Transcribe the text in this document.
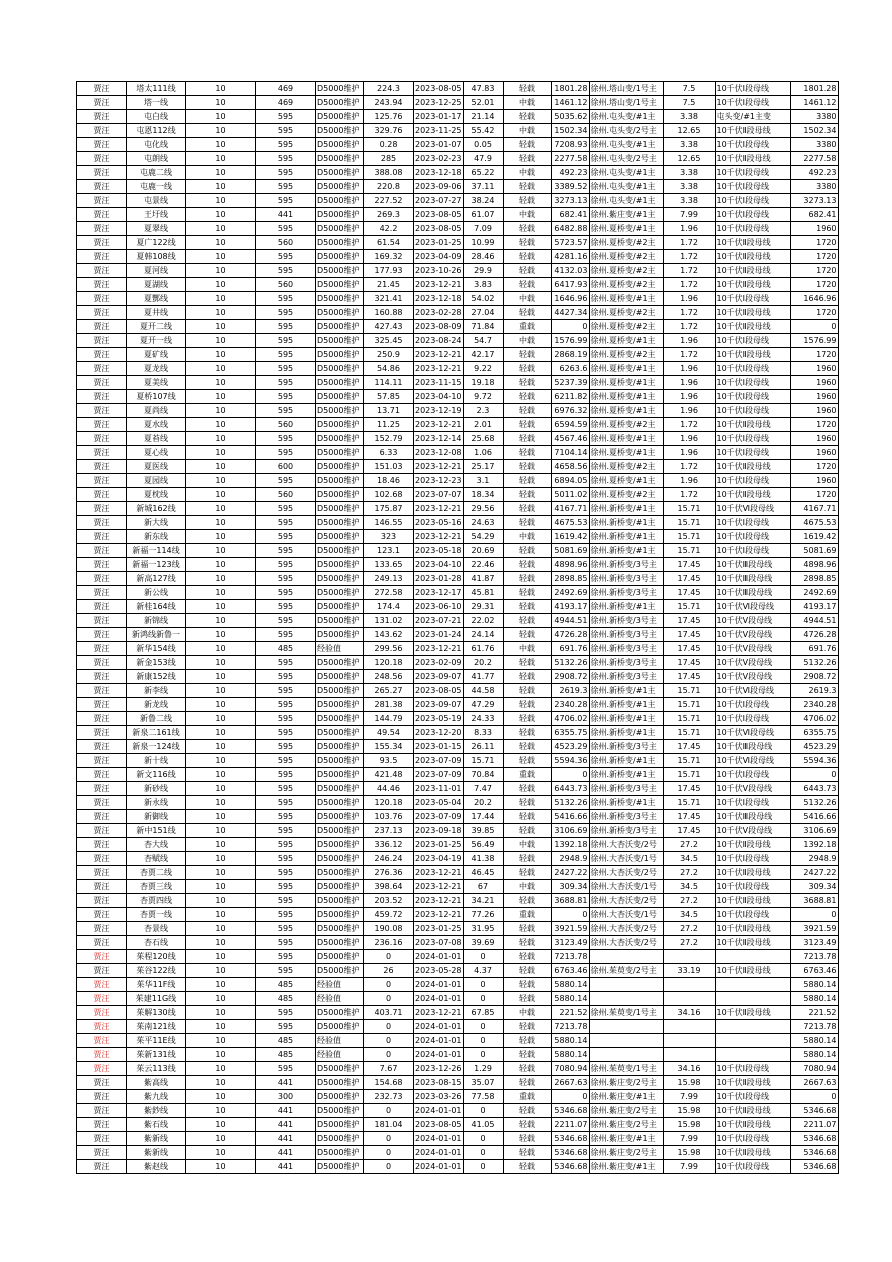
贾汪	塔太111线	10	469	D5000维护	224.3	2023-08-05	47.83	轻载	1801.28	徐州.塔山变/1号主	7.5	10千伏Ⅰ段母线	1801.28
贾汪	塔一线	10	469	D5000维护	243.94	2023-12-25	52.01	中载	1461.12	徐州.塔山变/1号主	7.5	10千伏Ⅰ段母线	1461.12
贾汪	屯白线	10	595	D5000维护	125.76	2023-01-17	21.14	轻载	5035.62	徐州.屯头变/#1主	3.38	屯头变/#1主变	3380
贾汪	屯恩112线	10	595	D5000维护	329.76	2023-11-25	55.42	中载	1502.34	徐州.屯头变/2号主	12.65	10千伏Ⅱ段母线	1502.34
贾汪	屯化线	10	595	D5000维护	0.28	2023-01-07	0.05	轻载	7208.93	徐州.屯头变/#1主	3.38	10千伏Ⅰ段母线	3380
贾汪	屯朗线	10	595	D5000维护	285	2023-02-23	47.9	轻载	2277.58	徐州.屯头变/2号主	12.65	10千伏Ⅱ段母线	2277.58
贾汪	屯鹿二线	10	595	D5000维护	388.08	2023-12-18	65.22	中载	492.23	徐州.屯头变/#1主	3.38	10千伏Ⅰ段母线	492.23
贾汪	屯鹿一线	10	595	D5000维护	220.8	2023-09-06	37.11	轻载	3389.52	徐州.屯头变/#1主	3.38	10千伏Ⅰ段母线	3380
贾汪	屯景线	10	595	D5000维护	227.52	2023-07-27	38.24	轻载	3273.13	徐州.屯头变/#1主	3.38	10千伏Ⅰ段母线	3273.13
贾汪	王圩线	10	441	D5000维护	269.3	2023-08-05	61.07	中载	682.41	徐州.紫庄变/#1主	7.99	10千伏Ⅰ段母线	682.41
贾汪	夏翠线	10	595	D5000维护	42.2	2023-08-05	7.09	轻载	6482.88	徐州.夏桥变/#1主	1.96	10千伏Ⅰ段母线	1960
贾汪	夏广122线	10	560	D5000维护	61.54	2023-01-25	10.99	轻载	5723.57	徐州.夏桥变/#2主	1.72	10千伏Ⅱ段母线	1720
贾汪	夏韩108线	10	595	D5000维护	169.32	2023-04-09	28.46	轻载	4281.16	徐州.夏桥变/#2主	1.72	10千伏Ⅱ段母线	1720
贾汪	夏河线	10	595	D5000维护	177.93	2023-10-26	29.9	轻载	4132.03	徐州.夏桥变/#2主	1.72	10千伏Ⅱ段母线	1720
贾汪	夏湖线	10	560	D5000维护	21.45	2023-12-21	3.83	轻载	6417.93	徐州.夏桥变/#2主	1.72	10千伏Ⅱ段母线	1720
贾汪	夏酆线	10	595	D5000维护	321.41	2023-12-18	54.02	中载	1646.96	徐州.夏桥变/#1主	1.96	10千伏Ⅰ段母线	1646.96
贾汪	夏井线	10	595	D5000维护	160.88	2023-02-28	27.04	轻载	4427.34	徐州.夏桥变/#2主	1.72	10千伏Ⅱ段母线	1720
贾汪	夏开二线	10	595	D5000维护	427.43	2023-08-09	71.84	重载	0	徐州.夏桥变/#2主	1.72	10千伏Ⅱ段母线	0
贾汪	夏开一线	10	595	D5000维护	325.45	2023-08-24	54.7	中载	1576.99	徐州.夏桥变/#1主	1.96	10千伏Ⅰ段母线	1576.99
贾汪	夏矿线	10	595	D5000维护	250.9	2023-12-21	42.17	轻载	2868.19	徐州.夏桥变/#2主	1.72	10千伏Ⅱ段母线	1720
贾汪	夏龙线	10	595	D5000维护	54.86	2023-12-21	9.22	轻载	6263.6	徐州.夏桥变/#1主	1.96	10千伏Ⅰ段母线	1960
贾汪	夏美线	10	595	D5000维护	114.11	2023-11-15	19.18	轻载	5237.39	徐州.夏桥变/#1主	1.96	10千伏Ⅰ段母线	1960
贾汪	夏桥107线	10	595	D5000维护	57.85	2023-04-10	9.72	轻载	6211.82	徐州.夏桥变/#1主	1.96	10千伏Ⅰ段母线	1960
贾汪	夏尚线	10	595	D5000维护	13.71	2023-12-19	2.3	轻载	6976.32	徐州.夏桥变/#1主	1.96	10千伏Ⅰ段母线	1960
贾汪	夏水线	10	560	D5000维护	11.25	2023-12-21	2.01	轻载	6594.59	徐州.夏桥变/#2主	1.72	10千伏Ⅱ段母线	1720
贾汪	夏苔线	10	595	D5000维护	152.79	2023-12-14	25.68	轻载	4567.46	徐州.夏桥变/#1主	1.96	10千伏Ⅰ段母线	1960
贾汪	夏心线	10	595	D5000维护	6.33	2023-12-08	1.06	轻载	7104.14	徐州.夏桥变/#1主	1.96	10千伏Ⅰ段母线	1960
贾汪	夏医线	10	600	D5000维护	151.03	2023-12-21	25.17	轻载	4658.56	徐州.夏桥变/#2主	1.72	10千伏Ⅱ段母线	1720
贾汪	夏园线	10	595	D5000维护	18.46	2023-12-23	3.1	轻载	6894.05	徐州.夏桥变/#1主	1.96	10千伏Ⅰ段母线	1960
贾汪	夏枕线	10	560	D5000维护	102.68	2023-07-07	18.34	轻载	5011.02	徐州.夏桥变/#2主	1.72	10千伏Ⅱ段母线	1720
贾汪	新城162线	10	595	D5000维护	175.87	2023-12-21	29.56	轻载	4167.71	徐州.新桥变/#1主	15.71	10千伏Ⅵ段母线	4167.71
贾汪	新大线	10	595	D5000维护	146.55	2023-05-16	24.63	轻载	4675.53	徐州.新桥变/#1主	15.71	10千伏Ⅰ段母线	4675.53
贾汪	新东线	10	595	D5000维护	323	2023-12-21	54.29	中载	1619.42	徐州.新桥变/#1主	15.71	10千伏Ⅰ段母线	1619.42
贾汪	新福一114线	10	595	D5000维护	123.1	2023-05-18	20.69	轻载	5081.69	徐州.新桥变/#1主	15.71	10千伏Ⅰ段母线	5081.69
贾汪	新福一123线	10	595	D5000维护	133.65	2023-04-10	22.46	轻载	4898.96	徐州.新桥变/3号主	17.45	10千伏Ⅲ段母线	4898.96
贾汪	新高127线	10	595	D5000维护	249.13	2023-01-28	41.87	轻载	2898.85	徐州.新桥变/3号主	17.45	10千伏Ⅲ段母线	2898.85
贾汪	新公线	10	595	D5000维护	272.58	2023-12-17	45.81	轻载	2492.69	徐州.新桥变/3号主	17.45	10千伏Ⅲ段母线	2492.69
贾汪	新桂164线	10	595	D5000维护	174.4	2023-06-10	29.31	轻载	4193.17	徐州.新桥变/#1主	15.71	10千伏Ⅵ段母线	4193.17
贾汪	新锦线	10	595	D5000维护	131.02	2023-07-21	22.02	轻载	4944.51	徐州.新桥变/3号主	17.45	10千伏Ⅴ段母线	4944.51
贾汪	新鸿线新鲁一	10	595	D5000维护	143.62	2023-01-24	24.14	轻载	4726.28	徐州.新桥变/3号主	17.45	10千伏Ⅴ段母线	4726.28
贾汪	新华154线	10	485	经验值	299.56	2023-12-21	61.76	中载	691.76	徐州.新桥变/3号主	17.45	10千伏Ⅴ段母线	691.76
贾汪	新金153线	10	595	D5000维护	120.18	2023-02-09	20.2	轻载	5132.26	徐州.新桥变/3号主	17.45	10千伏Ⅴ段母线	5132.26
贾汪	新康152线	10	595	D5000维护	248.56	2023-09-07	41.77	轻载	2908.72	徐州.新桥变/3号主	17.45	10千伏Ⅴ段母线	2908.72
贾汪	新李线	10	595	D5000维护	265.27	2023-08-05	44.58	轻载	2619.3	徐州.新桥变/#1主	15.71	10千伏Ⅵ段母线	2619.3
贾汪	新龙线	10	595	D5000维护	281.38	2023-09-07	47.29	轻载	2340.28	徐州.新桥变/#1主	15.71	10千伏Ⅰ段母线	2340.28
贾汪	新鲁二线	10	595	D5000维护	144.79	2023-05-19	24.33	轻载	4706.02	徐州.新桥变/#1主	15.71	10千伏Ⅰ段母线	4706.02
贾汪	新泉二161线	10	595	D5000维护	49.54	2023-12-20	8.33	轻载	6355.75	徐州.新桥变/#1主	15.71	10千伏Ⅵ段母线	6355.75
贾汪	新泉一124线	10	595	D5000维护	155.34	2023-01-15	26.11	轻载	4523.29	徐州.新桥变/3号主	17.45	10千伏Ⅲ段母线	4523.29
贾汪	新十线	10	595	D5000维护	93.5	2023-07-09	15.71	轻载	5594.36	徐州.新桥变/#1主	15.71	10千伏Ⅵ段母线	5594.36
贾汪	新文116线	10	595	D5000维护	421.48	2023-07-09	70.84	重载	0	徐州.新桥变/#1主	15.71	10千伏Ⅰ段母线	0
贾汪	新砂线	10	595	D5000维护	44.46	2023-11-01	7.47	轻载	6443.73	徐州.新桥变/3号主	17.45	10千伏Ⅴ段母线	6443.73
贾汪	新永线	10	595	D5000维护	120.18	2023-05-04	20.2	轻载	5132.26	徐州.新桥变/#1主	15.71	10千伏Ⅰ段母线	5132.26
贾汪	新御线	10	595	D5000维护	103.76	2023-07-09	17.44	轻载	5416.66	徐州.新桥变/3号主	17.45	10千伏Ⅲ段母线	5416.66
贾汪	新中151线	10	595	D5000维护	237.13	2023-09-18	39.85	轻载	3106.69	徐州.新桥变/3号主	17.45	10千伏Ⅴ段母线	3106.69
贾汪	杏大线	10	595	D5000维护	336.12	2023-01-25	56.49	中载	1392.18	徐州.大杏沃变/2号	27.2	10千伏Ⅱ段母线	1392.18
贾汪	杏赋线	10	595	D5000维护	246.24	2023-04-19	41.38	轻载	2948.9	徐州.大杏沃变/1号	34.5	10千伏Ⅰ段母线	2948.9
贾汪	杏贾二线	10	595	D5000维护	276.36	2023-12-21	46.45	轻载	2427.22	徐州.大杏沃变/2号	27.2	10千伏Ⅱ段母线	2427.22
贾汪	杏贾三线	10	595	D5000维护	398.64	2023-12-21	67	中载	309.34	徐州.大杏沃变/1号	34.5	10千伏Ⅰ段母线	309.34
贾汪	杏贾四线	10	595	D5000维护	203.52	2023-12-21	34.21	轻载	3688.81	徐州.大杏沃变/2号	27.2	10千伏Ⅱ段母线	3688.81
贾汪	杏贾一线	10	595	D5000维护	459.72	2023-12-21	77.26	重载	0	徐州.大杏沃变/1号	34.5	10千伏Ⅰ段母线	0
贾汪	杏景线	10	595	D5000维护	190.08	2023-01-25	31.95	轻载	3921.59	徐州.大杏沃变/2号	27.2	10千伏Ⅱ段母线	3921.59
贾汪	杏石线	10	595	D5000维护	236.16	2023-07-08	39.69	轻载	3123.49	徐州.大杏沃变/2号	27.2	10千伏Ⅱ段母线	3123.49
贾汪	茱程120线	10	595	D5000维护	0	2024-01-01	0	轻载	7213.78				7213.78
贾汪	茱谷122线	10	595	D5000维护	26	2023-05-28	4.37	轻载	6763.46	徐州.茱萸变/2号主	33.19	10千伏Ⅱ段母线	6763.46
贾汪	茱华11F线	10	485	经验值	0	2024-01-01	0	轻载	5880.14				5880.14
贾汪	茱建11G线	10	485	经验值	0	2024-01-01	0	轻载	5880.14				5880.14
贾汪	茱解130线	10	595	D5000维护	403.71	2023-12-21	67.85	中载	221.52	徐州.茱萸变/1号主	34.16	10千伏Ⅱ段母线	221.52
贾汪	茱南121线	10	595	D5000维护	0	2024-01-01	0	轻载	7213.78				7213.78
贾汪	茱平11E线	10	485	经验值	0	2024-01-01	0	轻载	5880.14				5880.14
贾汪	茱新131线	10	485	经验值	0	2024-01-01	0	轻载	5880.14				5880.14
贾汪	茱云113线	10	595	D5000维护	7.67	2023-12-26	1.29	轻载	7080.94	徐州.茱萸变/1号主	34.16	10千伏Ⅰ段母线	7080.94
贾汪	紫高线	10	441	D5000维护	154.68	2023-08-15	35.07	轻载	2667.63	徐州.紫庄变/2号主	15.98	10千伏Ⅱ段母线	2667.63
贾汪	紫九线	10	300	D5000维护	232.73	2023-03-26	77.58	重载	0	徐州.紫庄变/#1主	7.99	10千伏Ⅰ段母线	0
贾汪	紫鈔线	10	441	D5000维护	0	2024-01-01	0	轻载	5346.68	徐州.紫庄变/2号主	15.98	10千伏Ⅱ段母线	5346.68
贾汪	紫石线	10	441	D5000维护	181.04	2023-08-05	41.05	轻载	2211.07	徐州.紫庄变/2号主	15.98	10千伏Ⅱ段母线	2211.07
贾汪	紫新线	10	441	D5000维护	0	2024-01-01	0	轻载	5346.68	徐州.紫庄变/#1主	7.99	10千伏Ⅰ段母线	5346.68
贾汪	紫新线	10	441	D5000维护	0	2024-01-01	0	轻载	5346.68	徐州.紫庄变/2号主	15.98	10千伏Ⅱ段母线	5346.68
贾汪	紫赵线	10	441	D5000维护	0	2024-01-01	0	轻载	5346.68	徐州.紫庄变/#1主	7.99	10千伏Ⅰ段母线	5346.68
